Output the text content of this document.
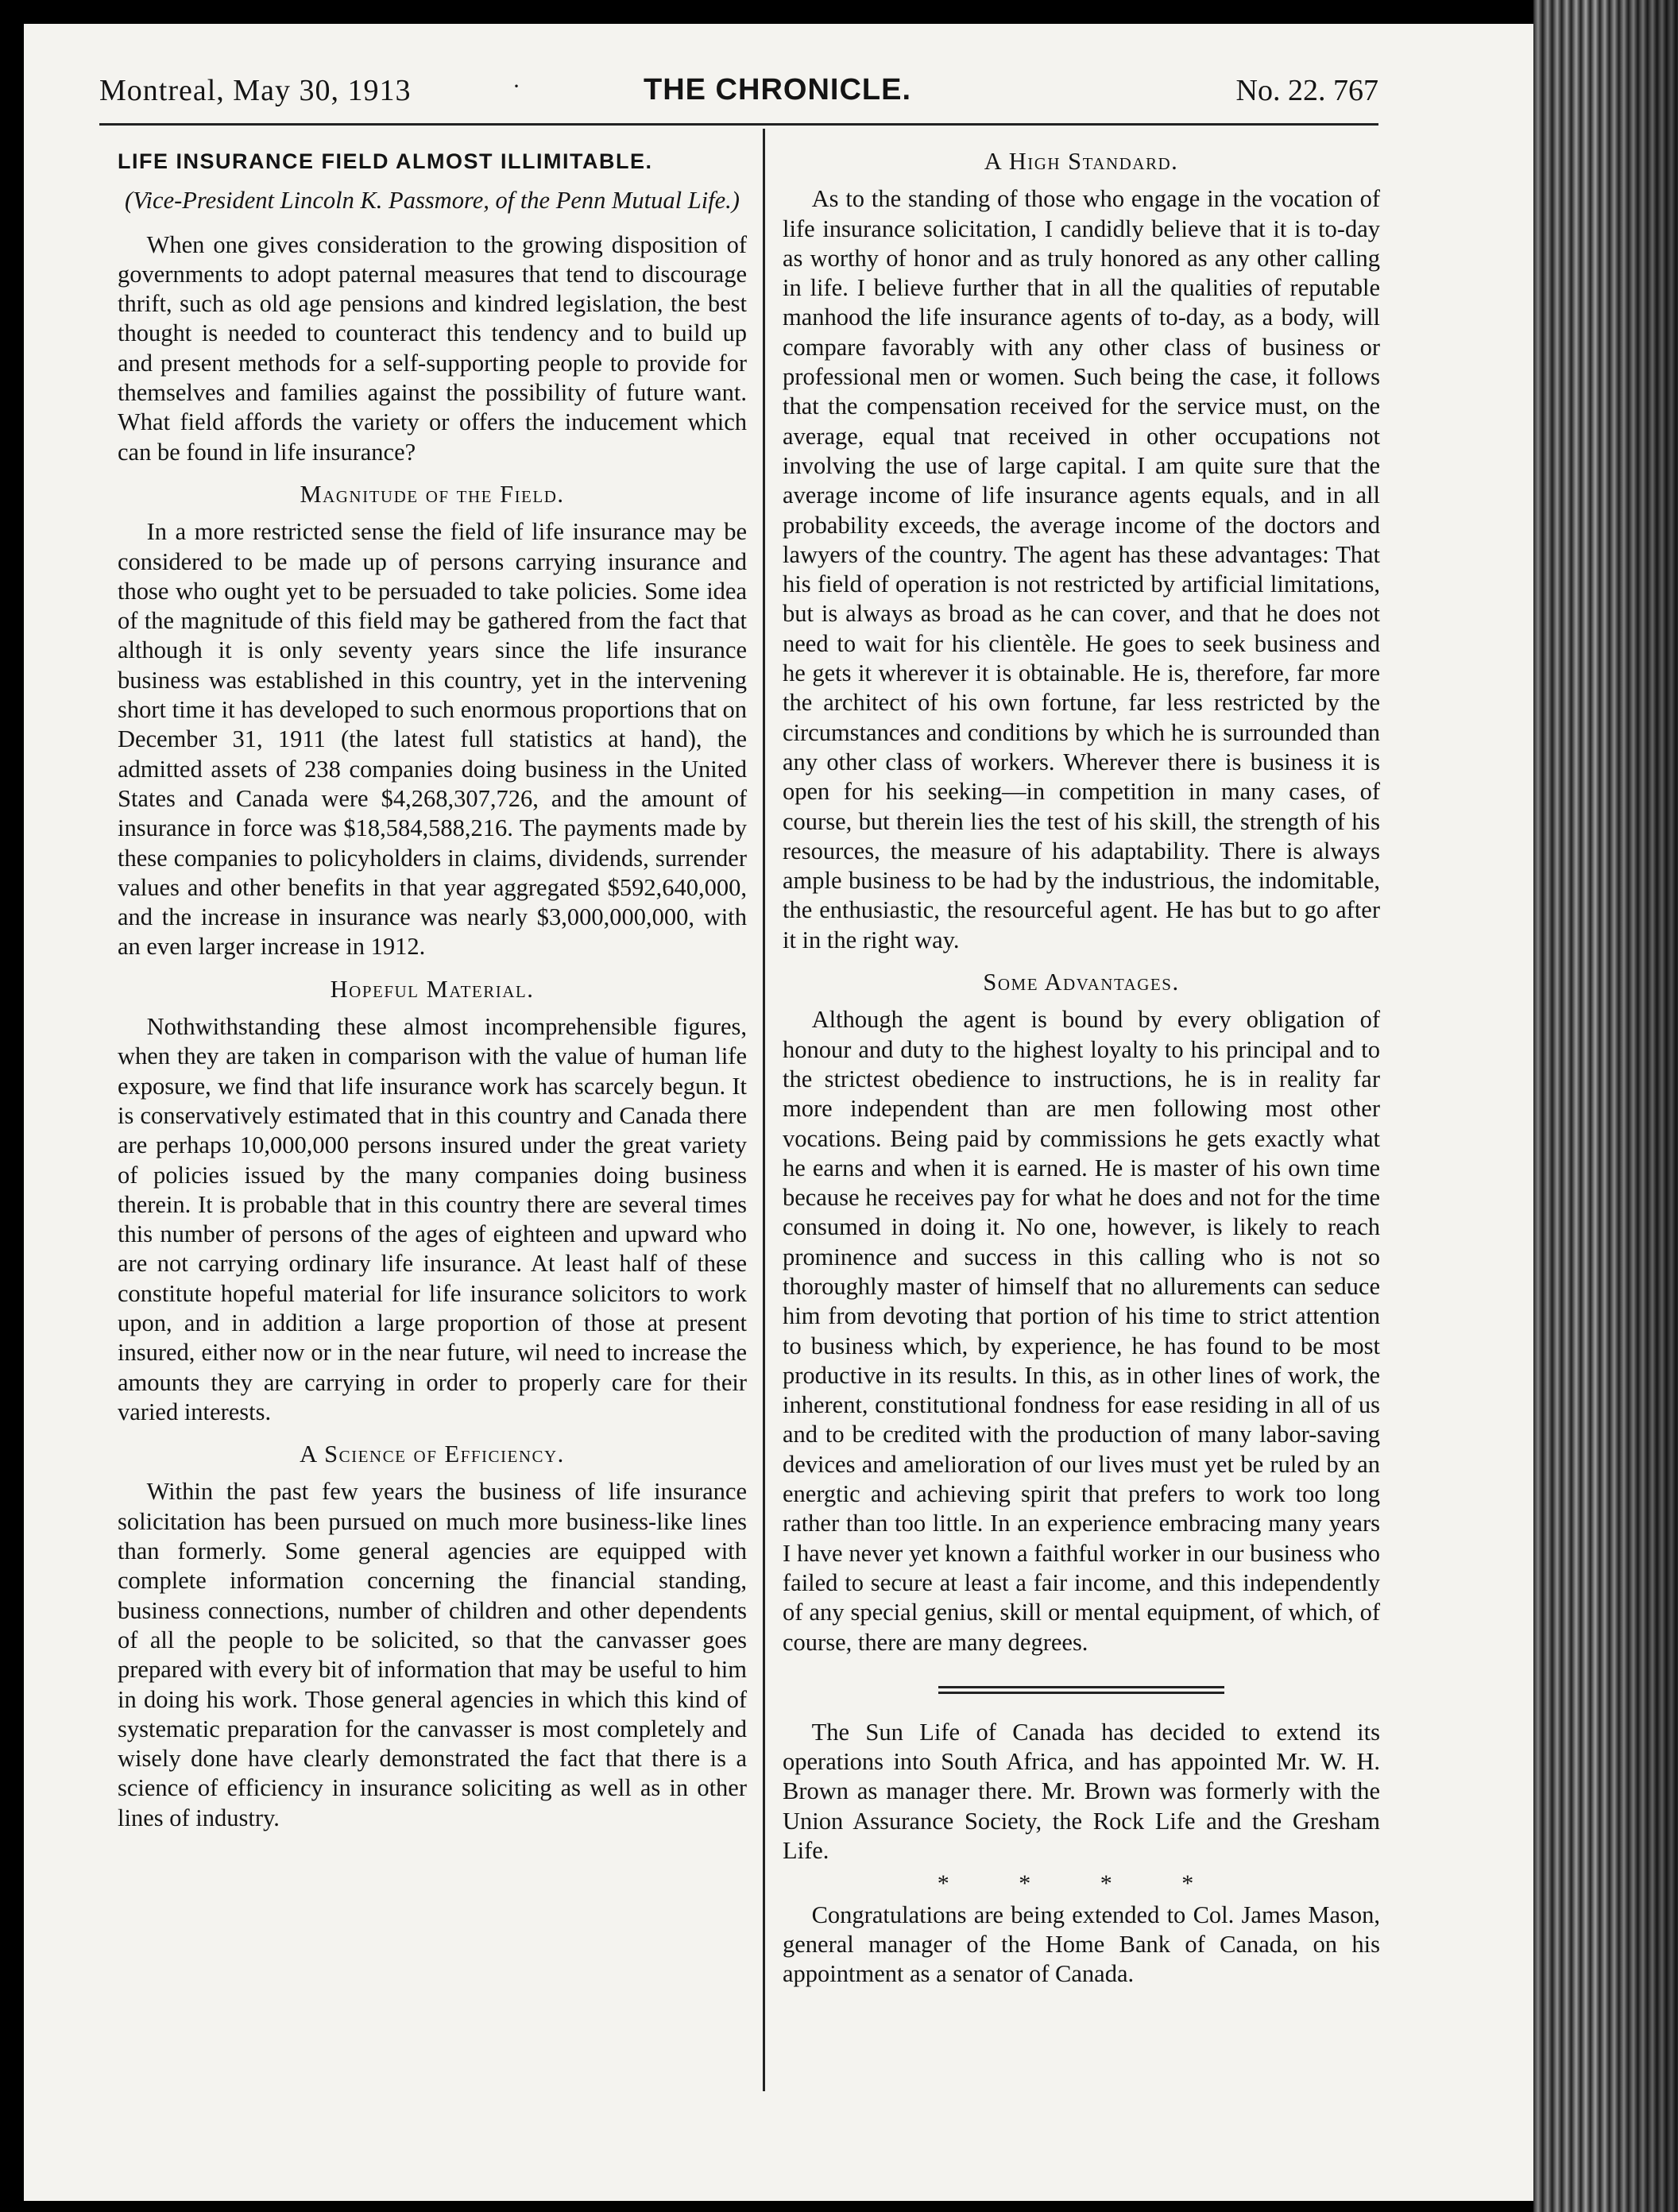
Montreal, May 30, 1913	·	THE CHRONICLE.	No. 22. 767
LIFE INSURANCE FIELD ALMOST ILLIMITABLE.
(Vice-President Lincoln K. Passmore, of the Penn Mutual Life.)

When one gives consideration to the growing disposition of governments to adopt paternal measures that tend to discourage thrift, such as old age pensions and kindred legislation, the best thought is needed to counteract this tendency and to build up and present methods for a self-supporting people to provide for themselves and families against the possibility of future want. What field affords the variety or offers the inducement which can be found in life insurance?

Magnitude of the Field.

In a more restricted sense the field of life insurance may be considered to be made up of persons carrying insurance and those who ought yet to be persuaded to take policies. Some idea of the magnitude of this field may be gathered from the fact that although it is only seventy years since the life insurance business was established in this country, yet in the intervening short time it has developed to such enormous proportions that on December 31, 1911 (the latest full statistics at hand), the admitted assets of 238 companies doing business in the United States and Canada were $4,268,307,726, and the amount of insurance in force was $18,584,588,216. The payments made by these companies to policyholders in claims, dividends, surrender values and other benefits in that year aggregated $592,640,000, and the increase in insurance was nearly $3,000,000,000, with an even larger increase in 1912.

Hopeful Material.

Nothwithstanding these almost incomprehensible figures, when they are taken in comparison with the value of human life exposure, we find that life insurance work has scarcely begun. It is conservatively estimated that in this country and Canada there are perhaps 10,000,000 persons insured under the great variety of policies issued by the many companies doing business therein. It is probable that in this country there are several times this number of persons of the ages of eighteen and upward who are not carrying ordinary life insurance. At least half of these constitute hopeful material for life insurance solicitors to work upon, and in addition a large proportion of those at present insured, either now or in the near future, wil need to increase the amounts they are carrying in order to properly care for their varied interests.

A Science of Efficiency.

Within the past few years the business of life insurance solicitation has been pursued on much more business-like lines than formerly. Some general agencies are equipped with complete information concerning the financial standing, business connections, number of children and other dependents of all the people to be solicited, so that the canvasser goes prepared with every bit of information that may be useful to him in doing his work. Those general agencies in which this kind of systematic preparation for the canvasser is most completely and wisely done have clearly demonstrated the fact that there is a science of efficiency in insurance soliciting as well as in other lines of industry.

A High Standard.

As to the standing of those who engage in the vocation of life insurance solicitation, I candidly believe that it is to-day as worthy of honor and as truly honored as any other calling in life. I believe further that in all the qualities of reputable manhood the life insurance agents of to-day, as a body, will compare favorably with any other class of business or professional men or women. Such being the case, it follows that the compensation received for the service must, on the average, equal tnat received in other occupations not involving the use of large capital. I am quite sure that the average income of life insurance agents equals, and in all probability exceeds, the average income of the doctors and lawyers of the country. The agent has these advantages: That his field of operation is not restricted by artificial limitations, but is always as broad as he can cover, and that he does not need to wait for his clientèle. He goes to seek business and he gets it wherever it is obtainable. He is, therefore, far more the architect of his own fortune, far less restricted by the circumstances and conditions by which he is surrounded than any other class of workers. Wherever there is business it is open for his seeking—in competition in many cases, of course, but therein lies the test of his skill, the strength of his resources, the measure of his adaptability. There is always ample business to be had by the industrious, the indomitable, the enthusiastic, the resourceful agent. He has but to go after it in the right way.

Some Advantages.

Although the agent is bound by every obligation of honour and duty to the highest loyalty to his principal and to the strictest obedience to instructions, he is in reality far more independent than are men following most other vocations. Being paid by commissions he gets exactly what he earns and when it is earned. He is master of his own time because he receives pay for what he does and not for the time consumed in doing it. No one, however, is likely to reach prominence and success in this calling who is not so thoroughly master of himself that no allurements can seduce him from devoting that portion of his time to strict attention to business which, by experience, he has found to be most productive in its results. In this, as in other lines of work, the inherent, constitutional fondness for ease residing in all of us and to be credited with the production of many labor-saving devices and amelioration of our lives must yet be ruled by an energtic and achieving spirit that prefers to work too long rather than too little. In an experience embracing many years I have never yet known a faithful worker in our business who failed to secure at least a fair income, and this independently of any special genius, skill or mental equipment, of which, of course, there are many degrees.

The Sun Life of Canada has decided to extend its operations into South Africa, and has appointed Mr. W. H. Brown as manager there. Mr. Brown was formerly with the Union Assurance Society, the Rock Life and the Gresham Life.

* * * *

Congratulations are being extended to Col. James Mason, general manager of the Home Bank of Canada, on his appointment as a senator of Canada.
